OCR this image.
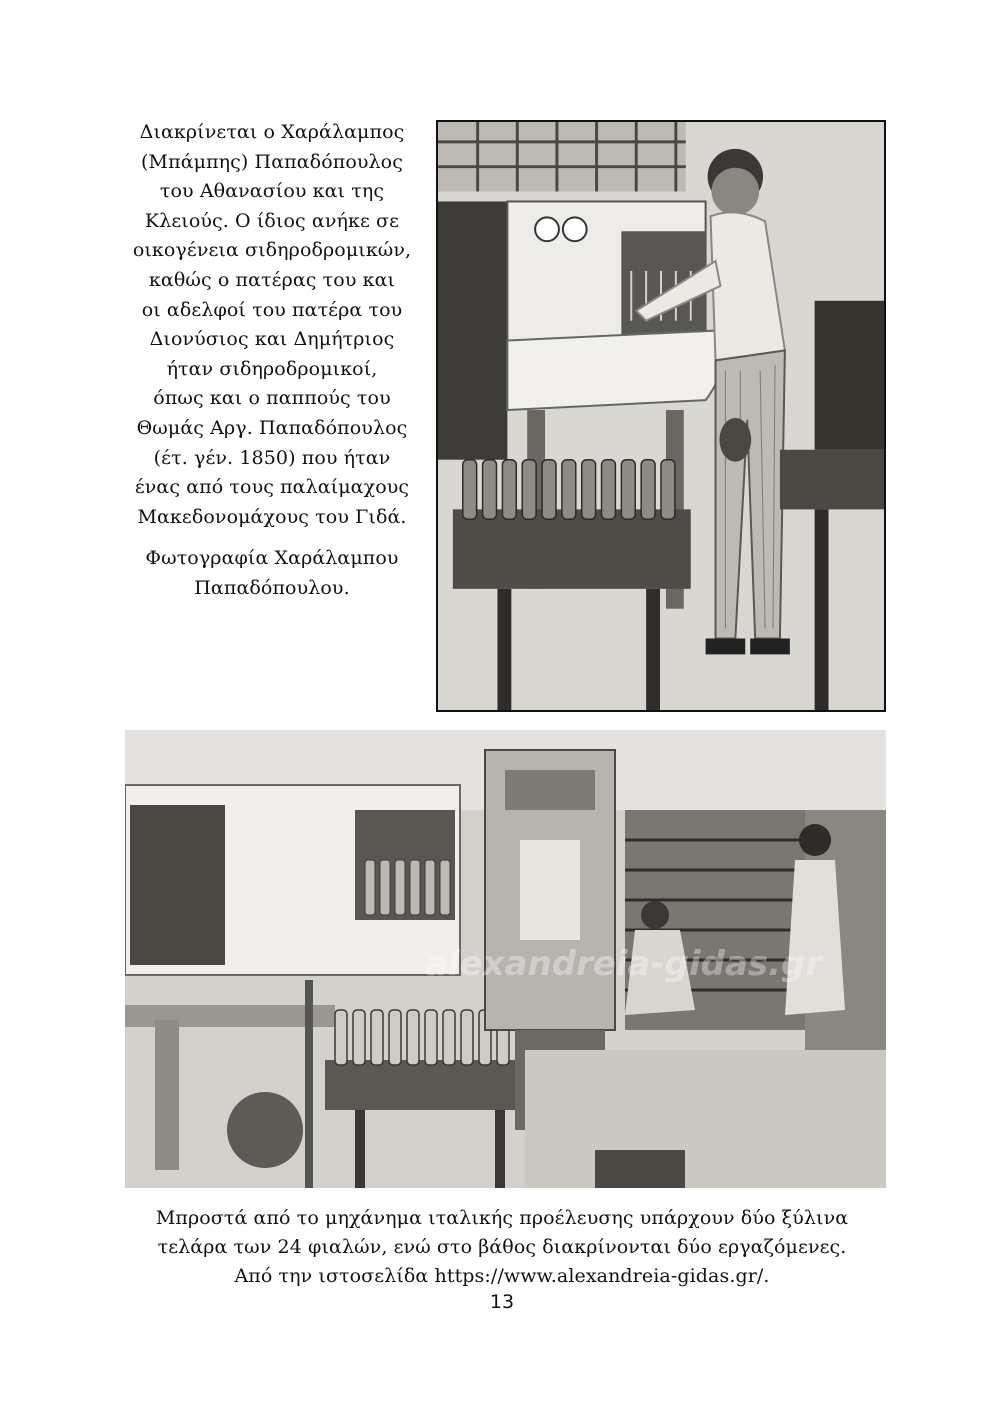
Διακρίνεται ο Χαράλαμπος
(Μπάμπης) Παπαδόπουλος
του Αθανασίου και της
Κλειούς. Ο ίδιος ανήκε σε
οικογένεια σιδηροδρομικών,
καθώς ο πατέρας του και
οι αδελφοί του πατέρα του
Διονύσιος και Δημήτριος
ήταν σιδηροδρομικοί,
όπως και ο παππούς του
Θωμάς Αργ. Παπαδόπουλος
(έτ. γέν. 1850) που ήταν
ένας από τους παλαίμαχους
Μακεδονομάχους του Γιδά.

Φωτογραφία Χαράλαμπου
Παπαδόπουλου.

alexandreia-gidas.gr

Μπροστά από το μηχάνημα ιταλικής προέλευσης υπάρχουν δύο ξύλινα
τελάρα των 24 φιαλών, ενώ στο βάθος διακρίνονται δύο εργαζόμενες.
Από την ιστοσελίδα https://www.alexandreia-gidas.gr/.

13
